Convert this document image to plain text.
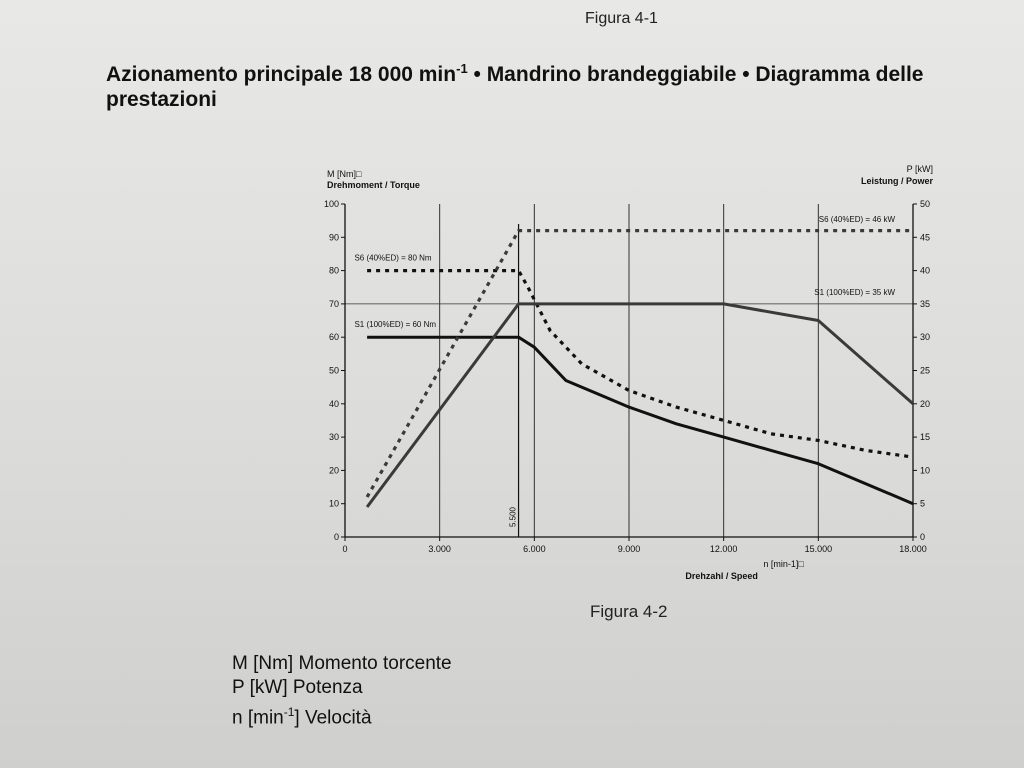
Figura 4-1
Azionamento principale 18 000 $\min^{-1}$ • Mandrino brandeggiabile • Diagramma delle prestazioni
0
10
20
30
40
50
60
70
80
90
100
0
5
10
15
20
25
30
35
40
45
50
0	3.000	6.000	9.000	12.000	15.000	18.000
5.500
M [Nm]□
Drehmoment / Torque
P [kW]
Leistung / Power
n [min-1]□
Drehzahl / Speed
S6 (40%ED) = 80 Nm
S1 (100%ED) = 60 Nm
S6 (40%ED) = 46 kW
S1 (100%ED) = 35 kW
Figura 4-2
M [Nm] Momento torcente
P [kW] Potenza
n $[\min^{-1}]$ Velocità
